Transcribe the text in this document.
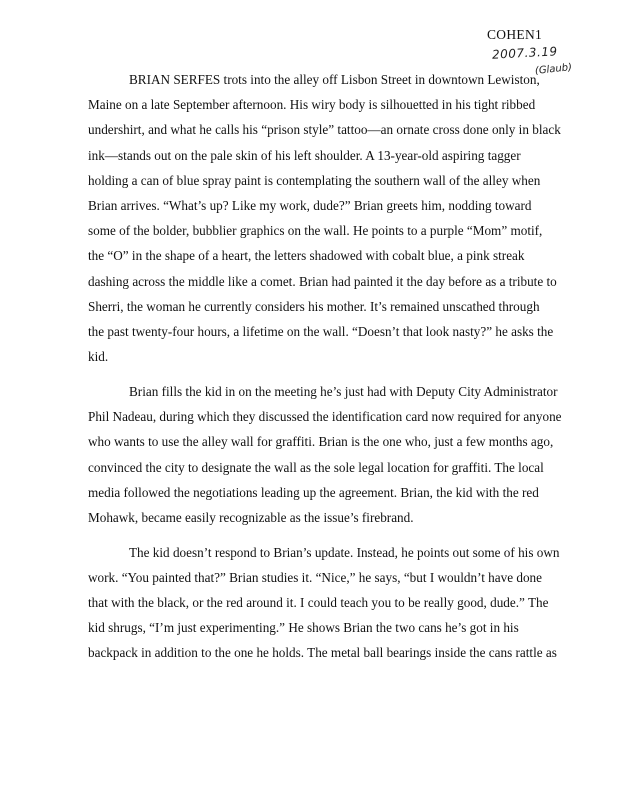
COHEN1
2007.3.19
(Glaub)
BRIAN SERFES trots into the alley off Lisbon Street in downtown Lewiston,
Maine on a late September afternoon. His wiry body is silhouetted in his tight ribbed
undershirt, and what he calls his “prison style” tattoo—an ornate cross done only in black
ink—stands out on the pale skin of his left shoulder. A 13-year-old aspiring tagger
holding a can of blue spray paint is contemplating the southern wall of the alley when
Brian arrives. “What’s up? Like my work, dude?” Brian greets him, nodding toward
some of the bolder, bubblier graphics on the wall. He points to a purple “Mom” motif,
the “O” in the shape of a heart, the letters shadowed with cobalt blue, a pink streak
dashing across the middle like a comet. Brian had painted it the day before as a tribute to
Sherri, the woman he currently considers his mother. It’s remained unscathed through
the past twenty-four hours, a lifetime on the wall. “Doesn’t that look nasty?” he asks the
kid.
Brian fills the kid in on the meeting he’s just had with Deputy City Administrator
Phil Nadeau, during which they discussed the identification card now required for anyone
who wants to use the alley wall for graffiti. Brian is the one who, just a few months ago,
convinced the city to designate the wall as the sole legal location for graffiti. The local
media followed the negotiations leading up the agreement. Brian, the kid with the red
Mohawk, became easily recognizable as the issue’s firebrand.
The kid doesn’t respond to Brian’s update. Instead, he points out some of his own
work. “You painted that?” Brian studies it. “Nice,” he says, “but I wouldn’t have done
that with the black, or the red around it. I could teach you to be really good, dude.” The
kid shrugs, “I’m just experimenting.” He shows Brian the two cans he’s got in his
backpack in addition to the one he holds. The metal ball bearings inside the cans rattle as
